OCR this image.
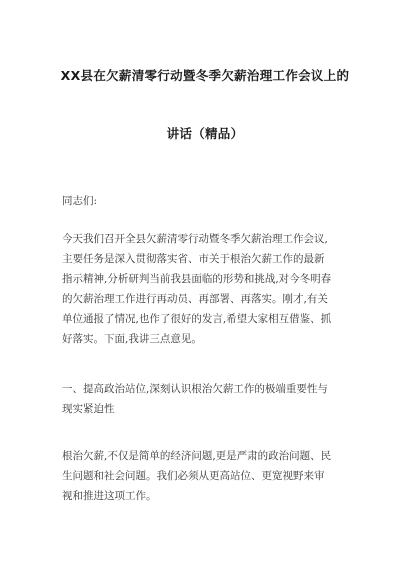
XX县在欠薪清零行动暨冬季欠薪治理工作会议上的
讲话（精品）
同志们:
今天我们召开全县欠薪清零行动暨冬季欠薪治理工作会议,
主要任务是深入贯彻落实省、市关于根治欠薪工作的最新
指示精神,分析研判当前我县面临的形势和挑战,对今冬明春
的欠薪治理工作进行再动员、再部署、再落实。刚才,有关
单位通报了情况,也作了很好的发言,希望大家相互借鉴、抓
好落实。下面,我讲三点意见。
一、提高政治站位,深刻认识根治欠薪工作的极端重要性与
现实紧迫性
根治欠薪,不仅是简单的经济问题,更是严肃的政治问题、民
生问题和社会问题。我们必须从更高站位、更宽视野来审
视和推进这项工作。
